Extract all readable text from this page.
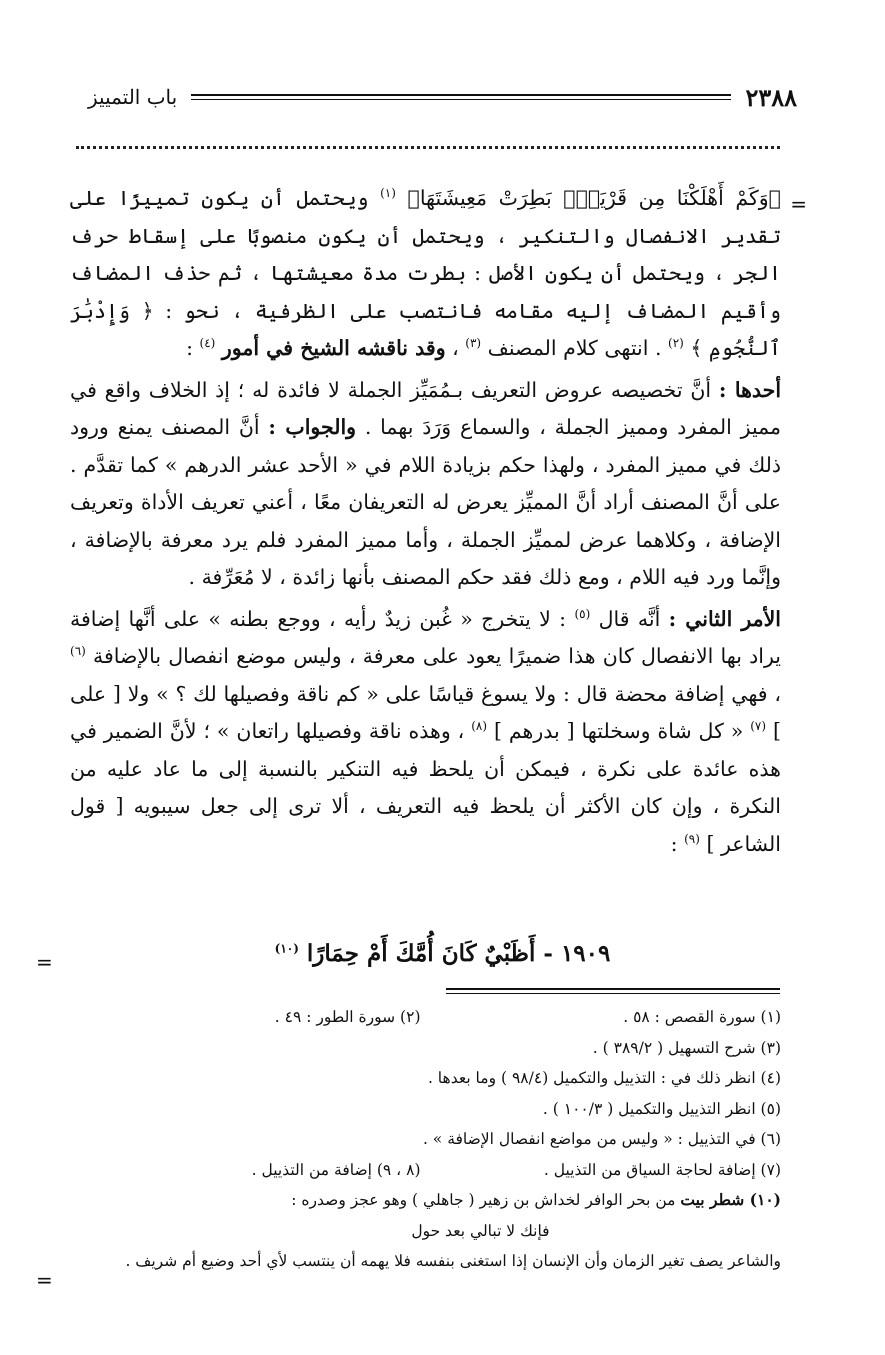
٢٣٨٨
باب التمييز
=

﴿وَكَمْ أَهْلَكْنَا مِن قَرْيَةِۭ بَطِرَتْ مَعِيشَتَهَا﴾ $^{(١)}$ ويحتمل أن يكون تمييزًا على تقدير الانفصال والتنكير ، ويحتمل أن يكون منصوبًا على إسقاط حرف الجر ، ويحتمل أن يكون الأصل : بطرت مدة معيشتها ، ثم حذف المضاف وأقيم المضاف إليه مقامه فانتصب على الظرفية ، نحو : ﴿ وَإِدْبَٰرَ ٱلنُّجُومِ ﴾ $^{(٢)}$ . انتهى كلام المصنف $^{(٣)}$ ، وقد ناقشه الشيخ في أمور $^{(٤)}$ :

أحدها : أنَّ تخصيصه عروض التعريف بـمُمَيِّز الجملة لا فائدة له ؛ إذ الخلاف واقع في مميز المفرد ومميز الجملة ، والسماع وَرَدَ بهما . والجواب : أنَّ المصنف يمنع ورود ذلك في مميز المفرد ، ولهذا حكم بزيادة اللام في « الأحد عشر الدرهم » كما تقدَّم . على أنَّ المصنف أراد أنَّ المميِّز يعرض له التعريفان معًا ، أعني تعريف الأداة وتعريف الإضافة ، وكلاهما عرض لمميِّز الجملة ، وأما مميز المفرد فلم يرد معرفة بالإضافة ، وإنَّما ورد فيه اللام ، ومع ذلك فقد حكم المصنف بأنها زائدة ، لا مُعَرِّفة .

الأمر الثاني : أنَّه قال $^{(٥)}$ : لا يتخرج « غُبن زيدٌ رأيه ، ووجع بطنه » على أنَّها إضافة يراد بها الانفصال كان هذا ضميرًا يعود على معرفة ، وليس موضع انفصال بالإضافة $^{(٦)}$ ، فهي إضافة محضة قال : ولا يسوغ قياسًا على « كم ناقة وفصيلها لك ؟ » ولا [ على ] $^{(٧)}$ « كل شاة وسخلتها [ بدرهم ] $^{(٨)}$ ، وهذه ناقة وفصيلها راتعان » ؛ لأنَّ الضمير في هذه عائدة على نكرة ، فيمكن أن يلحظ فيه التنكير بالنسبة إلى ما عاد عليه من النكرة ، وإن كان الأكثر أن يلحظ فيه التعريف ، ألا ترى إلى جعل سيبويه [ قول الشاعر ] $^{(٩)}$ :

١٩٠٩ - أَظَبْيٌ كَانَ أُمَّكَ أَمْ حِمَارًا $^{(١٠)}$
=
(١) سورة القصص : ٥٨ .
(٢) سورة الطور : ٤٩ .
(٣) شرح التسهيل ( ٣٨٩/٢ ) .
(٤) انظر ذلك في : التذييل والتكميل (٩٨/٤ ) وما بعدها .
(٥) انظر التذييل والتكميل ( ١٠٠/٣ ) .
(٦) في التذييل : « وليس من مواضع انفصال الإضافة » .
(٧) إضافة لحاجة السياق من التذييل .
(٨ ، ٩) إضافة من التذييل .
(١٠) شطر بيت من بحر الوافر لخداش بن زهير ( جاهلي ) وهو عجز وصدره :
فإنك لا تبالي بعد حول
والشاعر يصف تغير الزمان وأن الإنسان إذا استغنى بنفسه فلا يهمه أن ينتسب لأي أحد وضيع أم شريف .
=
